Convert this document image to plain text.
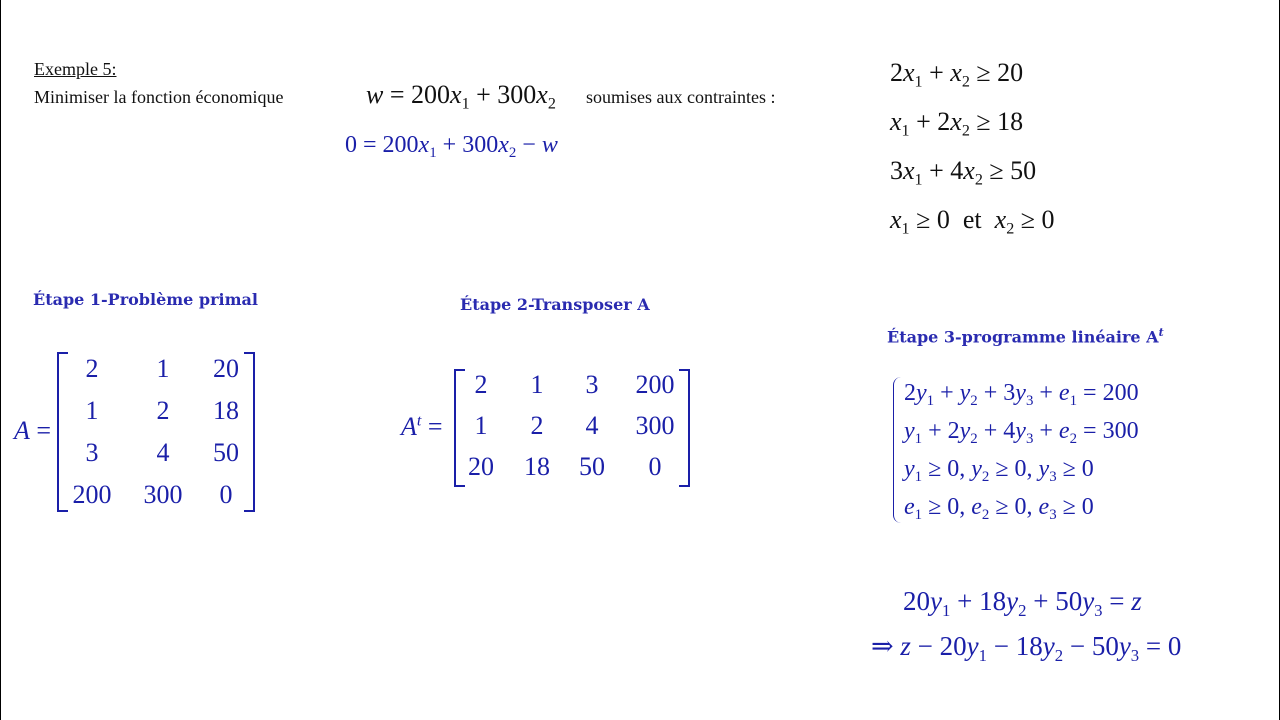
Exemple 5:
Minimiser la fonction économique	$w = 200x_1 + 300x_2$ soumises aux contraintes :
$0 = 200x_1 + 300x_2 - w$
$2x_1 + x_2 \ge 20$
$x_1 + 2x_2 \ge 18$
$3x_1 + 4x_2 \ge 50$
$x_1 \ge 0$ et $x_2 \ge 0$
Étape 1-Problème primal	Étape 2-Transposer A
Étape 3-programme linéaire $A^t$
A =
2	1	20
1	2	18
3	4	50
200	300	0
$A^t$ =
2	1	3	200
1	2	4	300
20	18	50	0
$2y_1 + y_2 + 3y_3 + e_1 = 200$
$y_1 + 2y_2 + 4y_3 + e_2 = 300$
$y_1 \ge 0$, $y_2 \ge 0$, $y_3 \ge 0$
$e_1 \ge 0$, $e_2 \ge 0$, $e_3 \ge 0$
$20y_1 + 18y_2 + 50y_3 = z$
⇒ $z - 20y_1 - 18y_2 - 50y_3 = 0$
